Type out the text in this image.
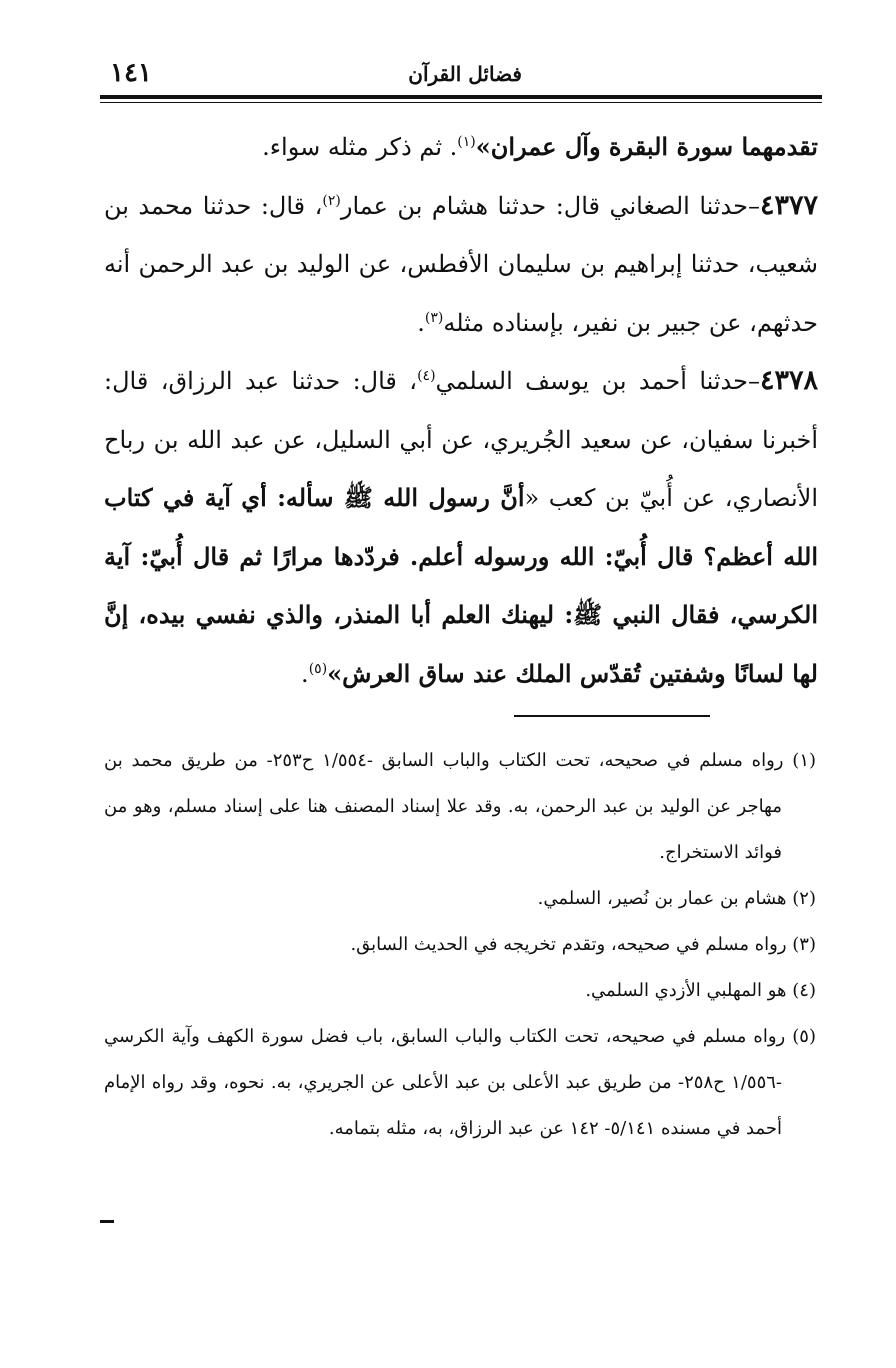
فضائل القرآن
١٤١

تقدمهما سورة البقرة وآل عمران»$^{(١)}$. ثم ذكر مثله سواء.

٤٣٧٧–حدثنا الصغاني قال: حدثنا هشام بن عمار$^{(٢)}$، قال: حدثنا محمد بن شعيب، حدثنا إبراهيم بن سليمان الأفطس، عن الوليد بن عبد الرحمن أنه حدثهم، عن جبير بن نفير، بإسناده مثله$^{(٣)}$.

٤٣٧٨–حدثنا أحمد بن يوسف السلمي$^{(٤)}$، قال: حدثنا عبد الرزاق، قال: أخبرنا سفيان، عن سعيد الجُريري، عن أبي السليل، عن عبد الله بن رباح الأنصاري، عن أُبيّ بن كعب «أنَّ رسول الله ﷺ سأله: أي آية في كتاب الله أعظم؟ قال أُبيّ: الله ورسوله أعلم. فردّدها مرارًا ثم قال أُبيّ: آية الكرسي، فقال النبي ﷺ: ليهنك العلم أبا المنذر، والذي نفسي بيده، إنَّ لها لسانًا وشفتين تُقدّس الملك عند ساق العرش»$^{(٥)}$.

(١) رواه مسلم في صحيحه، تحت الكتاب والباب السابق -١/٥٥٤ ح٢٥٣- من طريق محمد بن مهاجر عن الوليد بن عبد الرحمن، به. وقد علا إسناد المصنف هنا على إسناد مسلم، وهو من فوائد الاستخراج.

(٢) هشام بن عمار بن نُصير، السلمي.

(٣) رواه مسلم في صحيحه، وتقدم تخريجه في الحديث السابق.

(٤) هو المهلبي الأزدي السلمي.

(٥) رواه مسلم في صحيحه، تحت الكتاب والباب السابق، باب فضل سورة الكهف وآية الكرسي -١/٥٥٦ ح٢٥٨- من طريق عبد الأعلى بن عبد الأعلى عن الجريري، به. نحوه، وقد رواه الإمام أحمد في مسنده ٥/١٤١- ١٤٢ عن عبد الرزاق، به، مثله بتمامه.
